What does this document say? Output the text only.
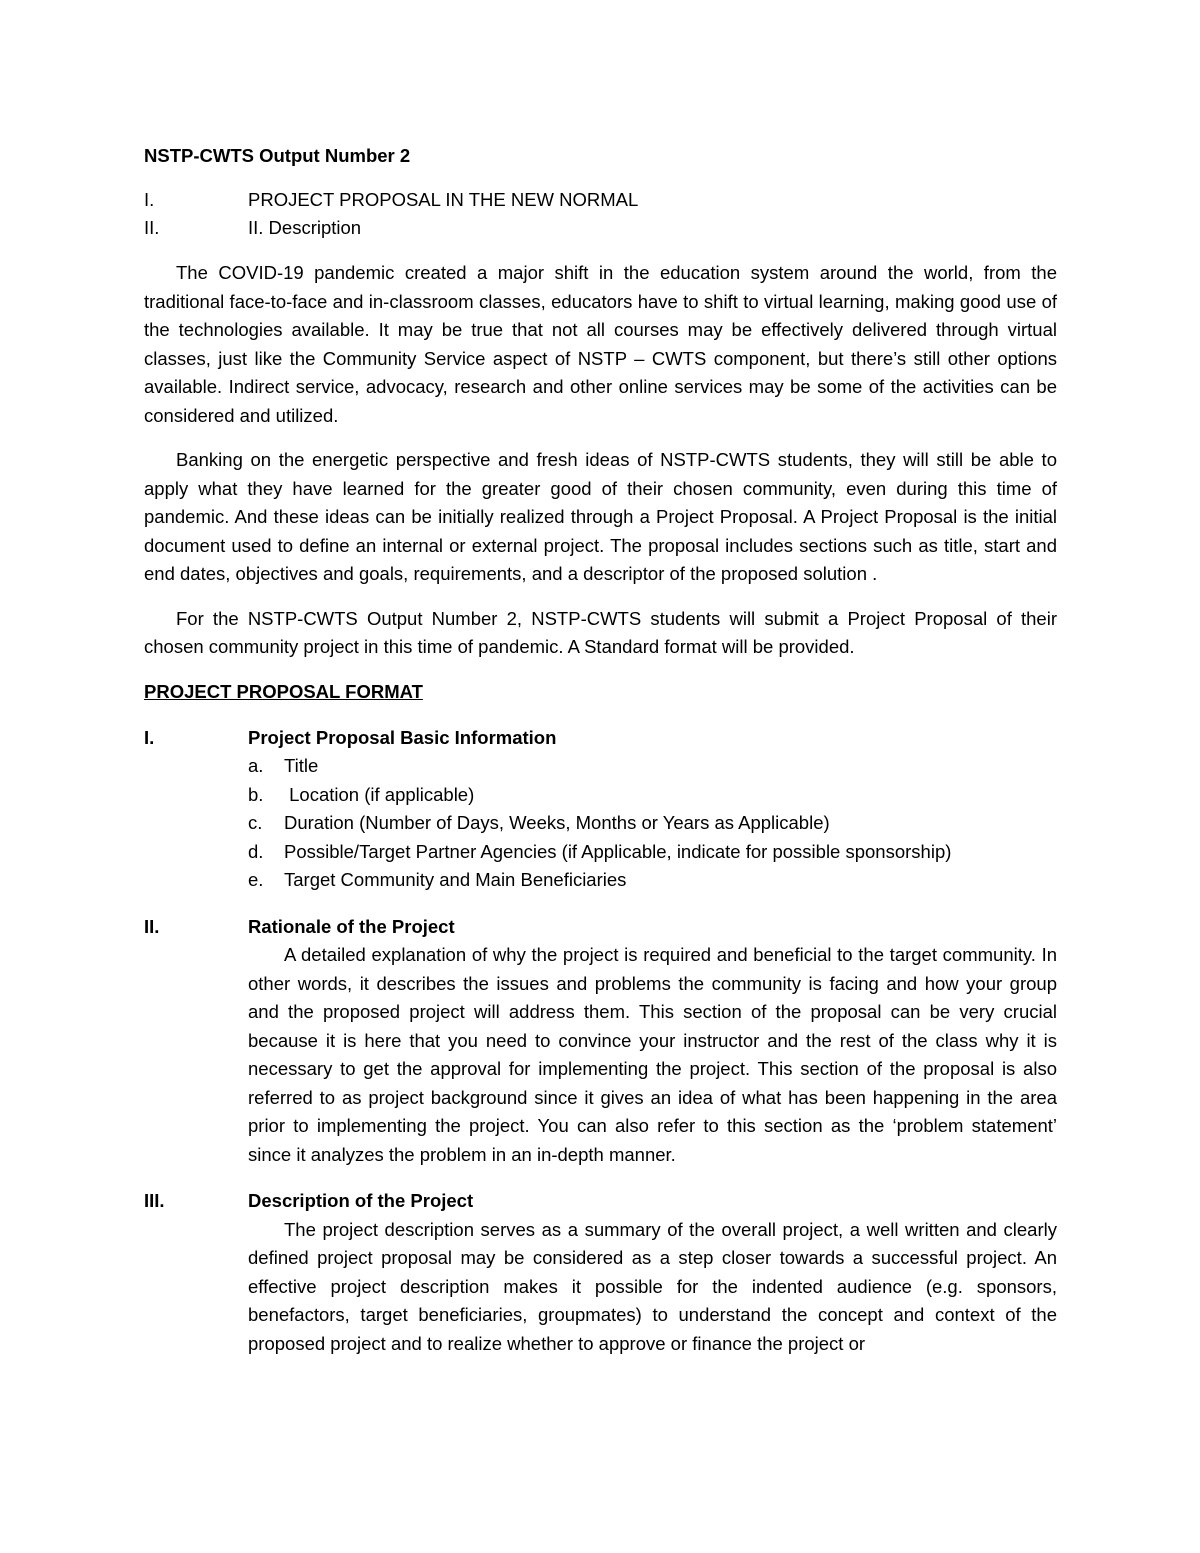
NSTP-CWTS Output Number 2
I.	PROJECT PROPOSAL IN THE NEW NORMAL
II.	II. Description

The COVID-19 pandemic created a major shift in the education system around the world, from the traditional face-to-face and in-classroom classes, educators have to shift to virtual learning, making good use of the technologies available. It may be true that not all courses may be effectively delivered through virtual classes, just like the Community Service aspect of NSTP – CWTS component, but there’s still other options available. Indirect service, advocacy, research and other online services may be some of the activities can be considered and utilized.

Banking on the energetic perspective and fresh ideas of NSTP-CWTS students, they will still be able to apply what they have learned for the greater good of their chosen community, even during this time of pandemic. And these ideas can be initially realized through a Project Proposal. A Project Proposal is the initial document used to define an internal or external project. The proposal includes sections such as title, start and end dates, objectives and goals, requirements, and a descriptor of the proposed solution .

For the NSTP-CWTS Output Number 2, NSTP-CWTS students will submit a Project Proposal of their chosen community project in this time of pandemic. A Standard format will be provided.

PROJECT PROPOSAL FORMAT
I.	Project Proposal Basic Information
a.	Title
b.	Location (if applicable)
c.	Duration (Number of Days, Weeks, Months or Years as Applicable)
d.	Possible/Target Partner Agencies (if Applicable, indicate for possible sponsorship)
e.	Target Community and Main Beneficiaries
II.	Rationale of the Project

A detailed explanation of why the project is required and beneficial to the target community. In other words, it describes the issues and problems the community is facing and how your group and the proposed project will address them. This section of the proposal can be very crucial because it is here that you need to convince your instructor and the rest of the class why it is necessary to get the approval for implementing the project. This section of the proposal is also referred to as project background since it gives an idea of what has been happening in the area prior to implementing the project. You can also refer to this section as the ‘problem statement’ since it analyzes the problem in an in-depth manner.

III.	Description of the Project

The project description serves as a summary of the overall project, a well written and clearly defined project proposal may be considered as a step closer towards a successful project. An effective project description makes it possible for the indented audience (e.g. sponsors, benefactors, target beneficiaries, groupmates) to understand the concept and context of the proposed project and to realize whether to approve or finance the project or
